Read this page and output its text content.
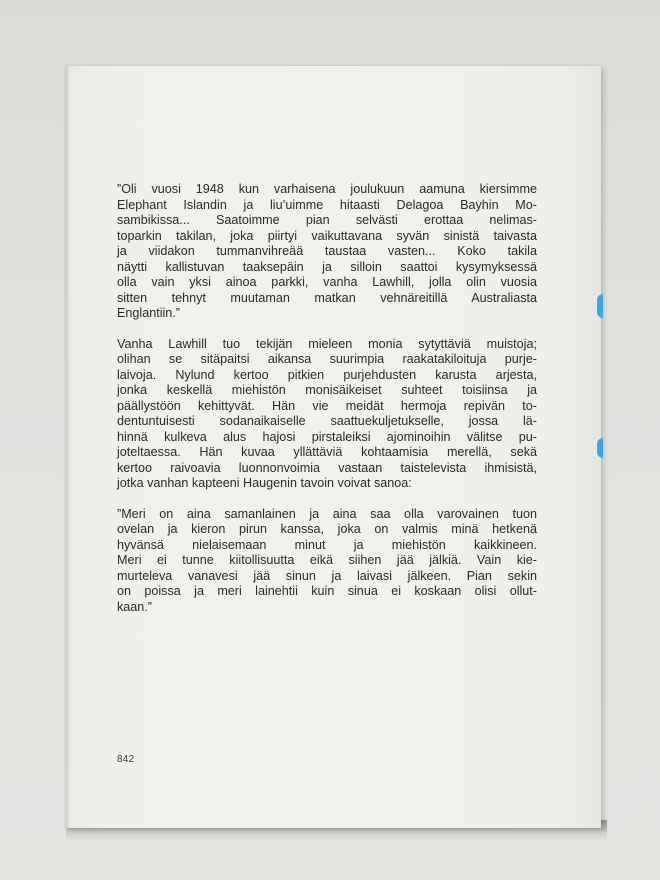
”Oli vuosi 1948 kun varhaisena joulukuun aamuna kiersimme
Elephant Islandin ja liu’uimme hitaasti Delagoa Bayhin Mo-
sambikissa... Saatoimme pian selvästi erottaa nelimas-
toparkin takilan, joka piirtyi vaikuttavana syvän sinistä taivasta
ja viidakon tummanvihreää taustaa vasten... Koko takila
näytti kallistuvan taaksepäin ja silloin saattoi kysymyksessä
olla vain yksi ainoa parkki, vanha Lawhill, jolla olin vuosia
sitten tehnyt muutaman matkan vehnäreitillä Australiasta
Englantiin.”
Vanha Lawhill tuo tekijän mieleen monia sytyttäviä muistoja;
olihan se sitäpaitsi aikansa suurimpia raakatakiloituja purje-
laivoja. Nylund kertoo pitkien purjehdusten karusta arjesta,
jonka keskellä miehistön monisäikeiset suhteet toisiinsa ja
päällystöön kehittyvät. Hän vie meidät hermoja repivän to-
dentuntuisesti sodanaikaiselle saattuekuljetukselle, jossa lä-
hinnä kulkeva alus hajosi pirstaleiksi ajominoihin välitse pu-
joteltaessa. Hän kuvaa yllättäviä kohtaamisia merellä, sekä
kertoo raivoavia luonnonvoimia vastaan taistelevista ihmisistä,
jotka vanhan kapteeni Haugenin tavoin voivat sanoa:
”Meri on aina samanlainen ja aina saa olla varovainen tuon
ovelan ja kieron pirun kanssa, joka on valmis minä hetkenä
hyvänsä nielaisemaan minut ja miehistön kaikkineen.
Meri ei tunne kiitollisuutta eikä siihen jää jälkiä. Vain kie-
murteleva vanavesi jää sinun ja laivasi jälkeen. Pian sekin
on poissa ja meri lainehtii kuin sinua ei koskaan olisi ollut-
kaan.”
842
